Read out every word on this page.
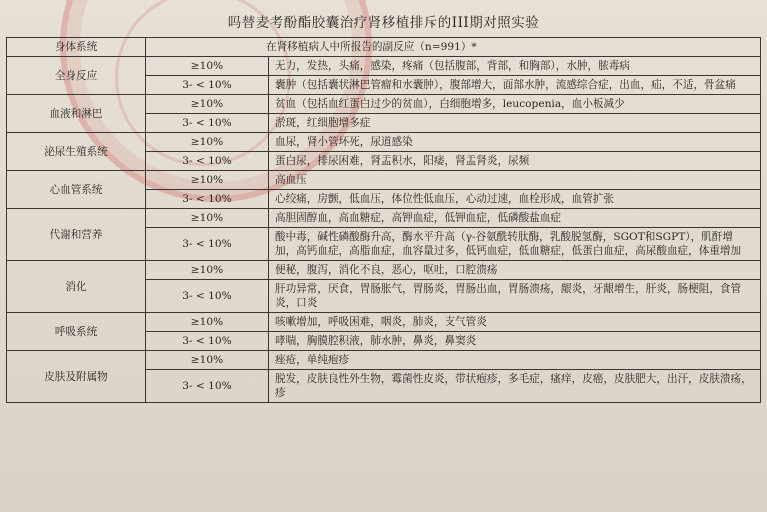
吗替麦考酚酯胶囊治疗肾移植排斥的III期对照实验
身体系统	在肾移植病人中所报告的副反应（n=991）*	
全身反应	≥10%	无力，发热，头痛，感染，疼痛（包括腹部，背部，和胸部），水肿，脓毒病
	3- < 10%	囊肿（包括囊状淋巴管瘤和水囊肿），腹部增大，面部水肿，流感综合症，出血，疝，不适，骨盆痛
血液和淋巴	≥10%	贫血（包括血红蛋白过少的贫血），白细胞增多，leucopenia，血小板减少
	3- < 10%	淤斑，红细胞增多症
泌尿生殖系统	≥10%	血尿，肾小管坏死，尿道感染
	3- < 10%	蛋白尿，排尿困难，肾盂积水，阳痿，肾盂肾炎，尿频
心血管系统	≥10%	高血压
	3- < 10%	心绞痛，房颤，低血压，体位性低血压，心动过速，血栓形成，血管扩张
代谢和营养	≥10%	高胆固醇血，高血糖症，高钾血症，低钾血症，低磷酸盐血症
	3- < 10%	酸中毒，碱性磷酸酶升高，酶水平升高（γ-谷氨酰转肽酶，乳酸脱氢酶，SGOT和SGPT），肌酐增加，高钙血症，高脂血症，血容量过多，低钙血症，低血糖症，低蛋白血症，高尿酸血症，体重增加
消化	≥10%	便秘，腹泻，消化不良，恶心，呕吐，口腔溃疡
	3- < 10%	肝功异常，厌食，胃肠胀气，胃肠炎，胃肠出血，胃肠溃疡，龈炎，牙龈增生，肝炎，肠梗阻，食管炎，口炎
呼吸系统	≥10%	咳嗽增加，呼吸困难，咽炎，肺炎，支气管炎
	3- < 10%	哮喘，胸膜腔积液，肺水肿，鼻炎，鼻窦炎
皮肤及附属物	≥10%	痤疮，单纯疱疹
	3- < 10%	脱发，皮肤良性外生物，霉菌性皮炎，带状疱疹，多毛症，瘙痒，皮癌，皮肤肥大，出汗，皮肤溃疡，疹
